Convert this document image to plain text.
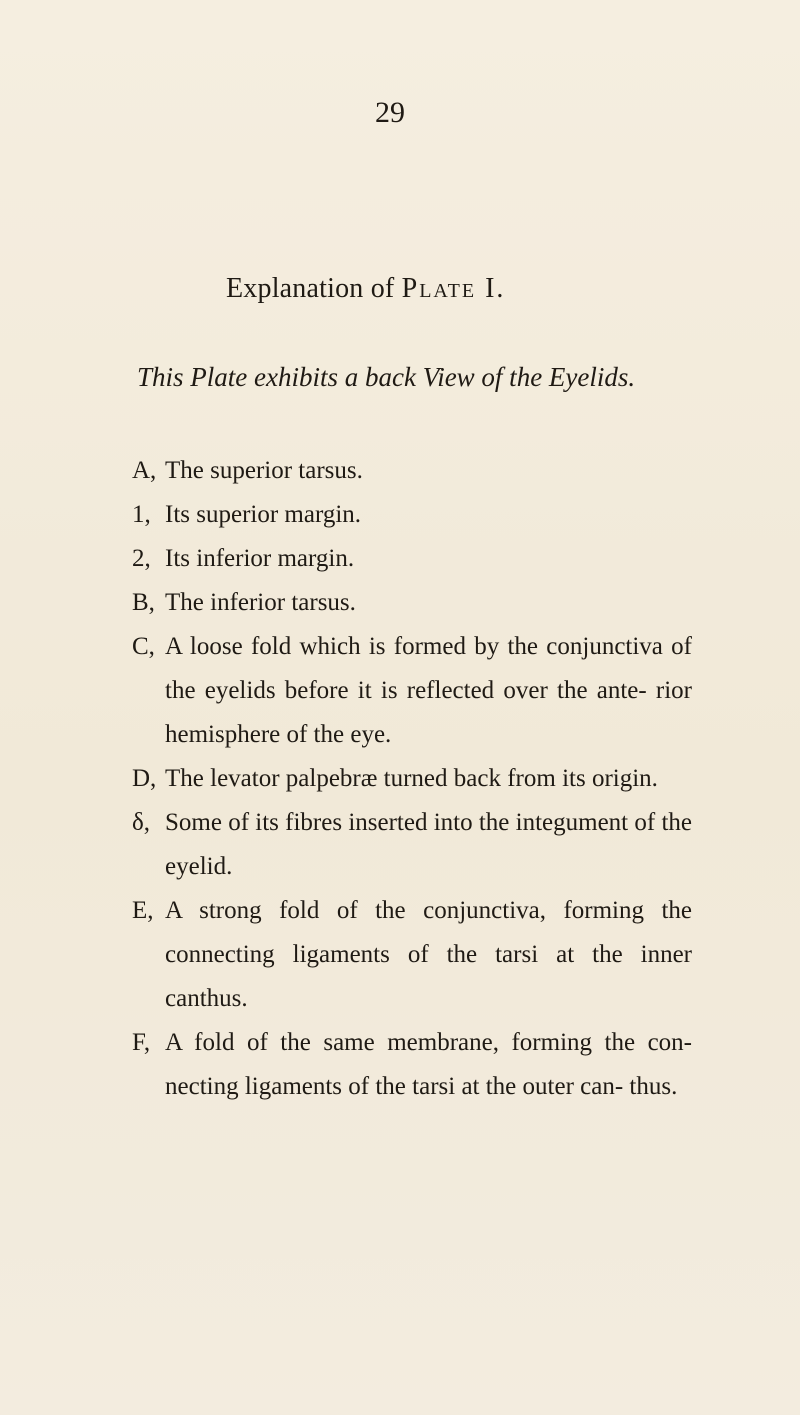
29
Explanation of Plate I.
This Plate exhibits a back View of the Eyelids.
A, The superior tarsus.
1, Its superior margin.
2, Its inferior margin.
B, The inferior tarsus.
C, A loose fold which is formed by the conjunctiva of the eyelids before it is reflected over the ante- rior hemisphere of the eye.
D, The levator palpebræ turned back from its origin.
δ, Some of its fibres inserted into the integument of the eyelid.
E, A strong fold of the conjunctiva, forming the connecting ligaments of the tarsi at the inner canthus.
F, A fold of the same membrane, forming the con- necting ligaments of the tarsi at the outer can- thus.
